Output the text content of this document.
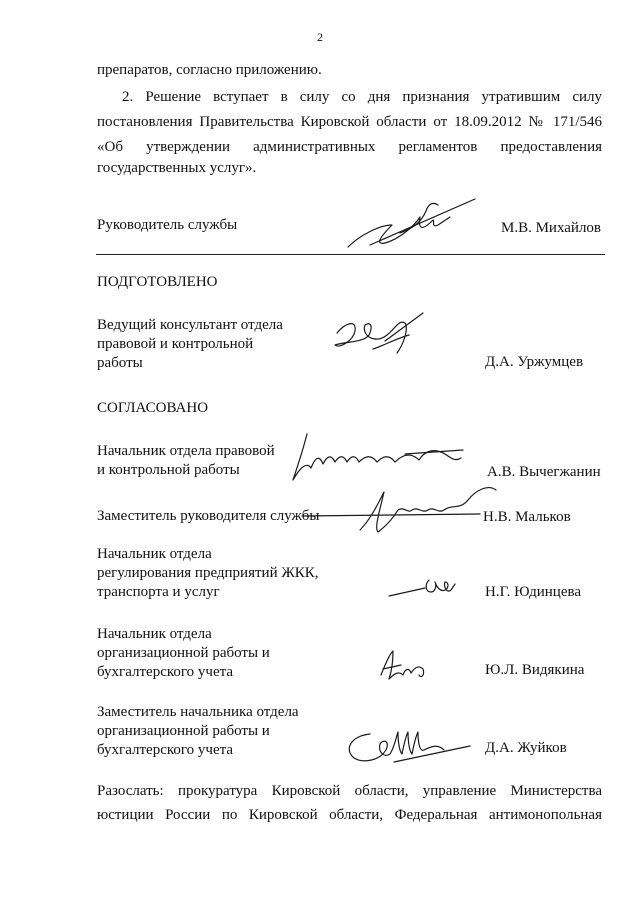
2
препаратов, согласно приложению.
2. Решение вступает в силу со дня признания утратившим силу
постановления Правительства Кировской области от 18.09.2012 № 171/546
«Об утверждении административных регламентов предоставления
государственных услуг».
Руководитель службы	М.В. Михайлов
ПОДГОТОВЛЕНО
Ведущий консультант отдела
правовой и контрольной
работы	Д.А. Уржумцев
СОГЛАСОВАНО
Начальник отдела правовой
и контрольной работы	А.В. Вычегжанин
Заместитель руководителя службы	Н.В. Мальков
Начальник отдела
регулирования предприятий ЖКК,
транспорта и услуг	Н.Г. Юдинцева
Начальник отдела
организационной работы и
бухгалтерского учета	Ю.Л. Видякина
Заместитель начальника отдела
организационной работы и
бухгалтерского учета	Д.А. Жуйков
Разослать: прокуратура Кировской области, управление Министерства
юстиции России по Кировской области, Федеральная антимонопольная
